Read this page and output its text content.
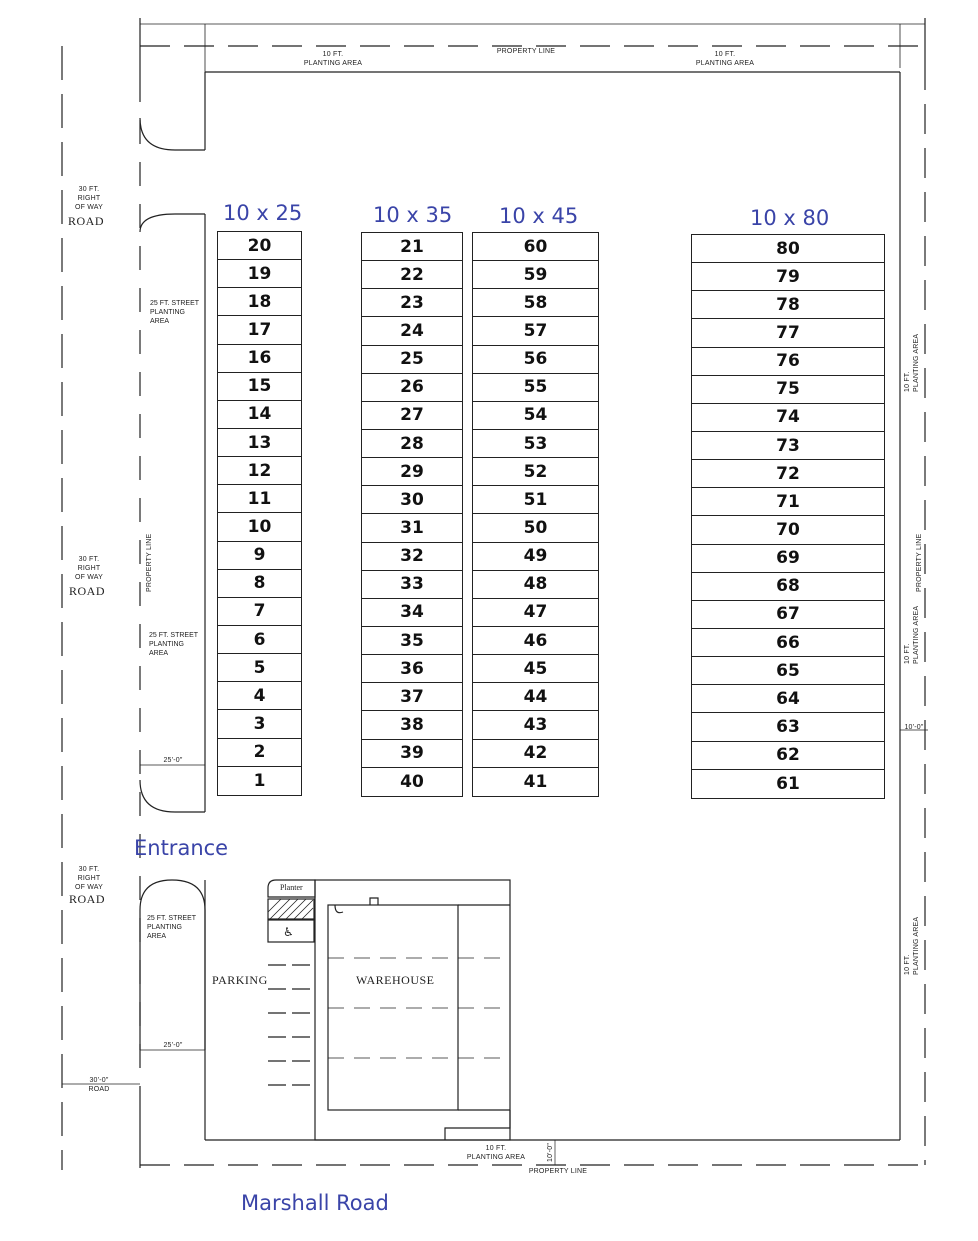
10 FT.
PLANTING AREA
PROPERTY LINE	10 FT.
PLANTING AREA
30 FT.
RIGHT
OF WAY
ROAD
30 FT.
RIGHT
OF WAY
ROAD
30 FT.
RIGHT
OF WAY
ROAD
25 FT. STREET
PLANTING
AREA
25 FT. STREET
PLANTING
AREA
25 FT. STREET
PLANTING
AREA
PROPERTY LINE
25'-0"
25'-0"
30'-0"
ROAD
10 FT.
PLANTING AREA
PROPERTY LINE
10 FT.
PLANTING AREA
10'-0"
10 FT.
PLANTING AREA
10 FT.
PLANTING AREA	10'-0"
PROPERTY LINE
Planter
♿
PARKING	WAREHOUSE
Entrance
Marshall Road
10 x 25	10 x 35 10 x 45	10 x 80
20
19
18
17
16
15
14
13
12
11
10
9
8
7
6
5
4
3
2
1
21
22
23
24
25
26
27
28
29
30
31
32
33
34
35
36
37
38
39
40
60
59
58
57
56
55
54
53
52
51
50
49
48
47
46
45
44
43
42
41
80
79
78
77
76
75
74
73
72
71
70
69
68
67
66
65
64
63
62
61
